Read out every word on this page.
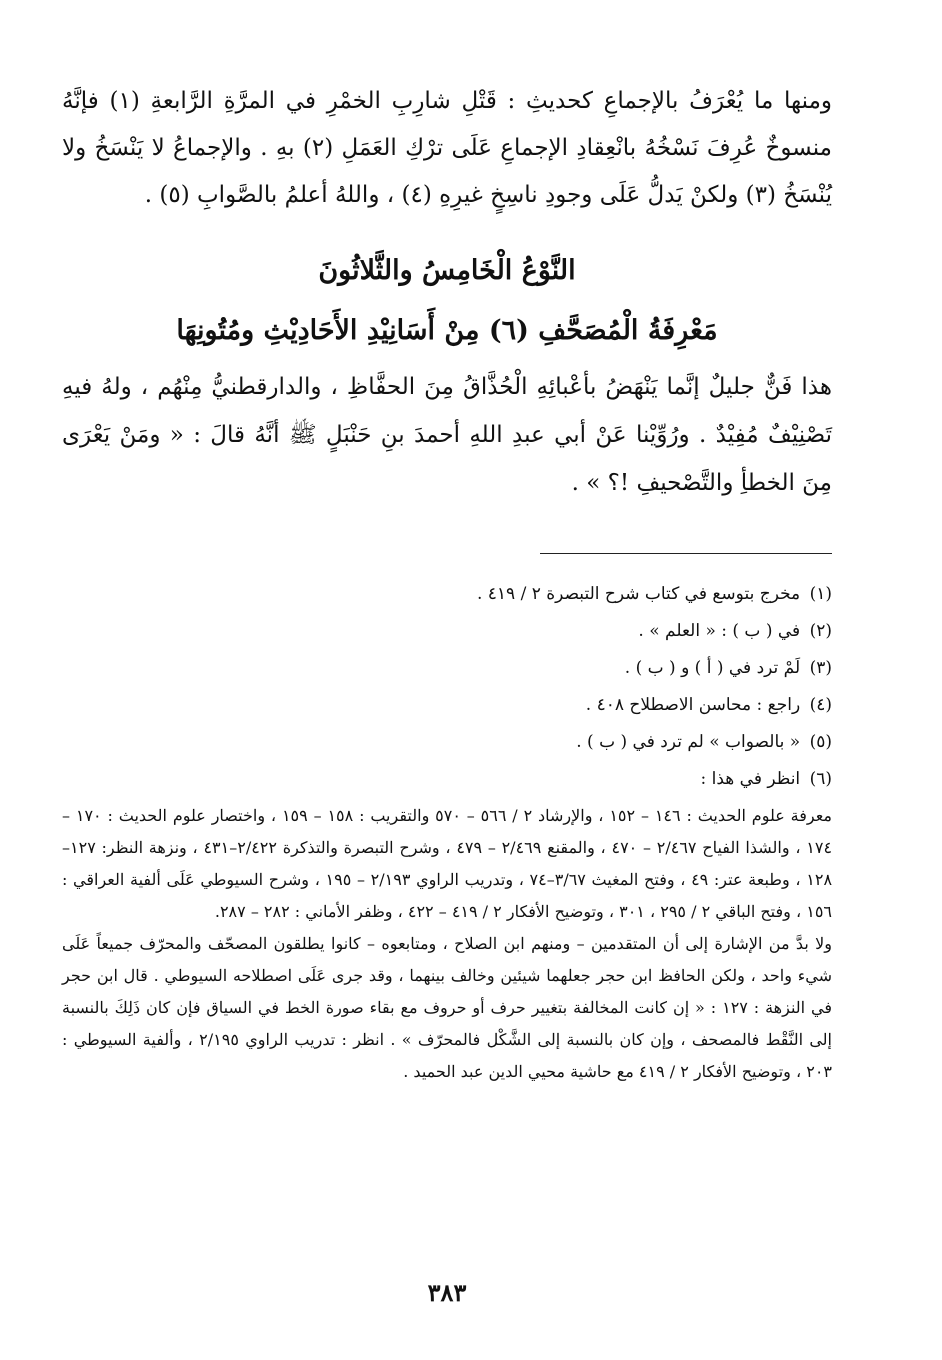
ومنها ما يُعْرَفُ بالإجماعِ كحديثِ : قَتْلِ شارِبِ الخمْرِ في المرَّةِ الرَّابعةِ (١) فإنَّهُ منسوخٌ عُرِفَ نَسْخُهُ بانْعِقادِ الإجماعِ عَلَى ترْكِ العَمَلِ (٢) بهِ . والإجماعُ لا يَنْسَخُ ولا يُنْسَخُ (٣) ولكنْ يَدلُّ عَلَى وجودِ ناسِخٍ غيرِهِ (٤) ، واللهُ أعلمُ بالصَّوابِ (٥) .

النَّوْعُ الْخَامِسُ والثَّلاثُونَ
مَعْرِفَةُ الْمُصَحَّفِ (٦) مِنْ أَسَانِيْدِ الأَحَادِيْثِ ومُتُونِهَا

هذا فَنٌّ جليلٌ إنَّما يَنْهَضُ بأعْبائِهِ الْحُذَّاقُ مِنَ الحفَّاظِ ، والدارقطنيُّ مِنْهُم ، ولهُ فيهِ تَصْنِيْفٌ مُفِيْدٌ . ورُوِّيْنا عَنْ أبي عبدِ اللهِ أحمدَ بنِ حَنْبَلٍ ﷺ أنَّهُ قالَ : « ومَنْ يَعْرَى مِنَ الخطأِ والتَّصْحيفِ !؟ » .

(١) مخرج بتوسع في كتاب شرح التبصرة ٢ / ٤١٩ .

(٢) في ( ب ) : « العلم » .

(٣) لَمْ ترد في ( أ ) و ( ب ) .

(٤) راجع : محاسن الاصطلاح ٤٠٨ .

(٥) « بالصواب » لم ترد في ( ب ) .

(٦) انظر في هذا :

معرفة علوم الحديث : ١٤٦ – ١٥٢ ، والإرشاد ٢ / ٥٦٦ – ٥٧٠ والتقريب : ١٥٨ – ١٥٩ ، واختصار علوم الحديث : ١٧٠ – ١٧٤ ، والشذا الفياح ٢/٤٦٧ – ٤٧٠ ، والمقنع ٢/٤٦٩ – ٤٧٩ ، وشرح التبصرة والتذكرة ٢/٤٢٢–٤٣١ ، ونزهة النظر: ١٢٧–١٢٨ ، وطبعة عتر: ٤٩ ، وفتح المغيث ٣/٦٧–٧٤ ، وتدريب الراوي ٢/١٩٣ – ١٩٥ ، وشرح السيوطي عَلَى ألفية العراقي : ١٥٦ ، وفتح الباقي ٢ / ٢٩٥ ، ٣٠١ ، وتوضيح الأفكار ٢ / ٤١٩ – ٤٢٢ ، وظفر الأماني : ٢٨٢ – ٢٨٧.

ولا بدَّ من الإشارة إلى أن المتقدمين – ومنهم ابن الصلاح ، ومتابعوه – كانوا يطلقون المصحّف والمحرّف جميعاً عَلَى شيء واحد ، ولكن الحافظ ابن حجر جعلهما شيئين وخالف بينهما ، وقد جرى عَلَى اصطلاحه السيوطي . قال ابن حجر في النزهة : ١٢٧ : « إن كانت المخالفة بتغيير حرف أو حروف مع بقاء صورة الخط في السياق فإن كان ذَلِكَ بالنسبة إلى النَّقْط فالمصحف ، وإن كان بالنسبة إلى الشَّكْل فالمحرّف » . انظر : تدريب الراوي ٢/١٩٥ ، وألفية السيوطي : ٢٠٣ ، وتوضيح الأفكار ٢ / ٤١٩ مع حاشية محيي الدين عبد الحميد .

٣٨٣
